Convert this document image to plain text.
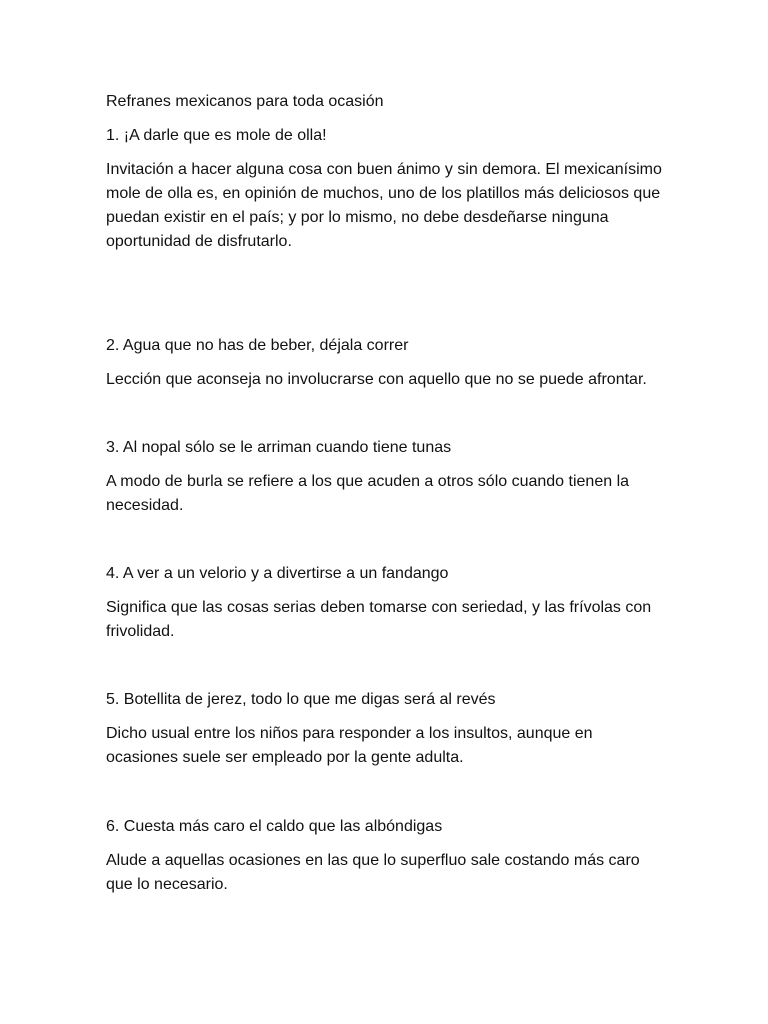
Refranes mexicanos para toda ocasión

1. ¡A darle que es mole de olla!

Invitación a hacer alguna cosa con buen ánimo y sin demora. El mexicanísimo mole de olla es, en opinión de muchos, uno de los platillos más deliciosos que puedan existir en el país; y por lo mismo, no debe desdeñarse ninguna oportunidad de disfrutarlo.

2. Agua que no has de beber, déjala correr

Lección que aconseja no involucrarse con aquello que no se puede afrontar.

3. Al nopal sólo se le arriman cuando tiene tunas

A modo de burla se refiere a los que acuden a otros sólo cuando tienen la necesidad.

4. A ver a un velorio y a divertirse a un fandango

Significa que las cosas serias deben tomarse con seriedad, y las frívolas con frivolidad.

5. Botellita de jerez, todo lo que me digas será al revés

Dicho usual entre los niños para responder a los insultos, aunque en ocasiones suele ser empleado por la gente adulta.

6. Cuesta más caro el caldo que las albóndigas

Alude a aquellas ocasiones en las que lo superfluo sale costando más caro que lo necesario.
